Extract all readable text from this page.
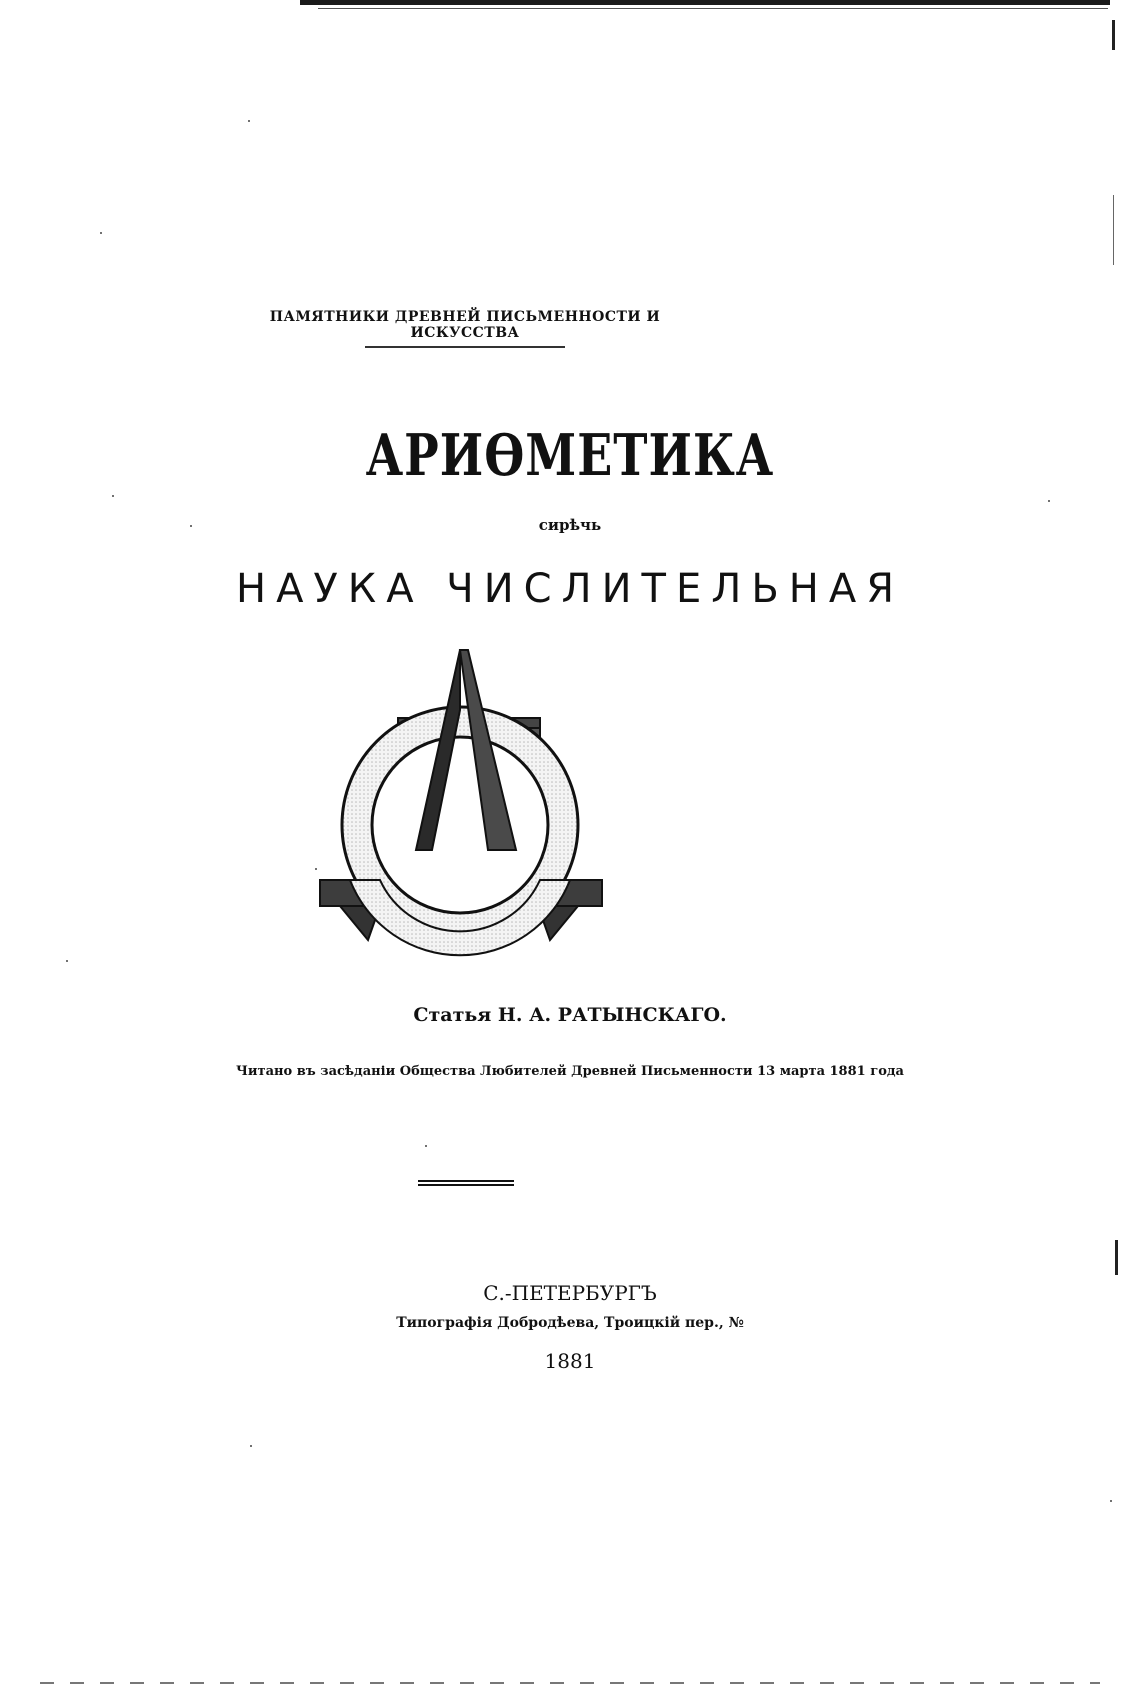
ПАМЯТНИКИ ДРЕВНЕЙ ПИСЬМЕННОСТИ И ИСКУССТВА
АРИѲМЕТИКА
сирѣчь
НАУКА ЧИСЛИТЕЛЬНАЯ
Статья Н. А. РАТЫНСКАГО.
Читано въ засѣданіи Общества Любителей Древней Письменности 13 марта 1881 года
С.-ПЕТЕРБУРГЪ
Типографія Добродѣева, Троицкій пер., №
1881
